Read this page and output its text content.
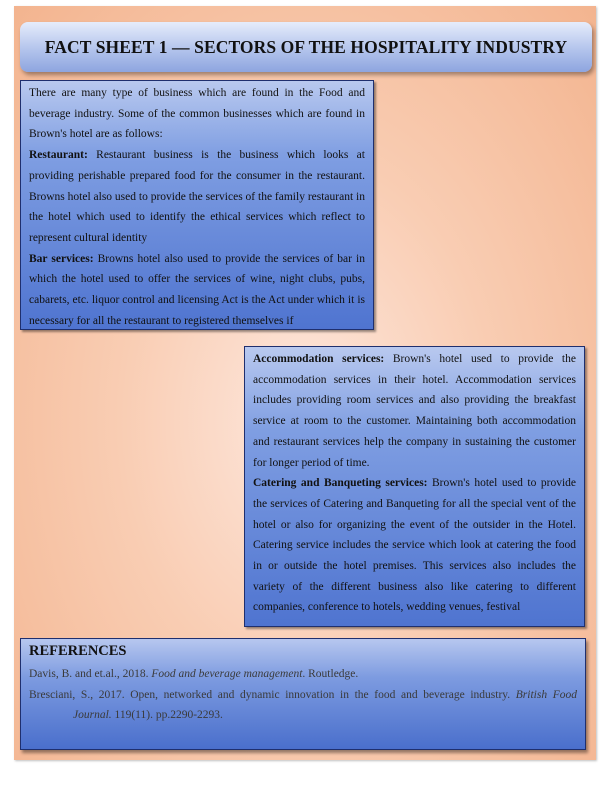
FACT SHEET 1 — SECTORS OF THE HOSPITALITY INDUSTRY

There are many type of business which are found in the Food and beverage industry. Some of the common businesses which are found in Brown's hotel are as follows:

Restaurant: Restaurant business is the business which looks at providing perishable prepared food for the consumer in the restaurant. Browns hotel also used to provide the services of the family restaurant in the hotel which used to identify the ethical services which reflect to represent cultural identity

Bar services: Browns hotel also used to provide the services of bar in which the hotel used to offer the services of wine, night clubs, pubs, cabarets, etc. liquor control and licensing Act is the Act under which it is necessary for all the restaurant to registered themselves if

Accommodation services: Brown's hotel used to provide the accommodation services in their hotel. Accommodation services includes providing room services and also providing the breakfast service at room to the customer. Maintaining both accommodation and restaurant services help the company in sustaining the customer for longer period of time.

Catering and Banqueting services: Brown's hotel used to provide the services of Catering and Banqueting for all the special vent of the hotel or also for organizing the event of the outsider in the Hotel. Catering service includes the service which look at catering the food in or outside the hotel premises. This services also includes the variety of the different business also like catering to different companies, conference to hotels, wedding venues, festival

REFERENCES

Davis, B. and et.al., 2018. Food and beverage management. Routledge.

Bresciani, S., 2017. Open, networked and dynamic innovation in the food and beverage industry. British Food Journal. 119(11). pp.2290-2293.
